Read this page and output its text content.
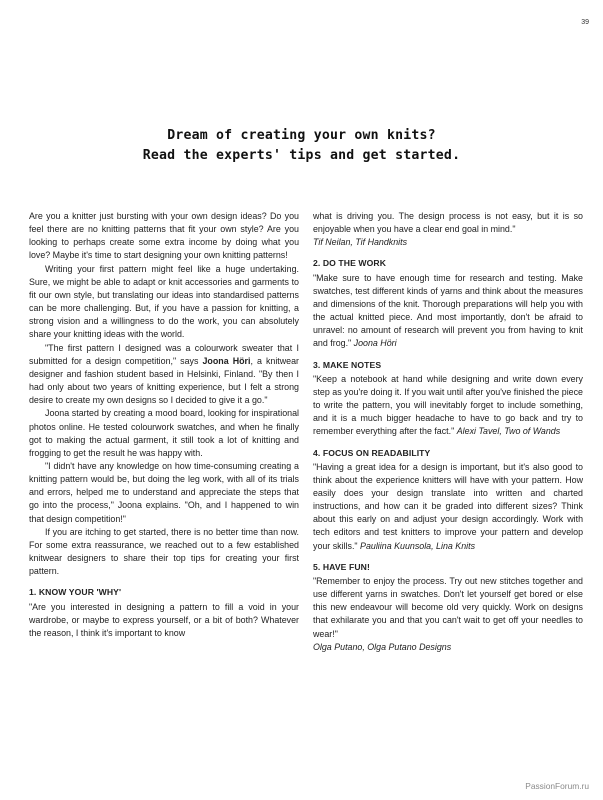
39
Dream of creating your own knits?
Read the experts' tips and get started.

Are you a knitter just bursting with your own design ideas? Do you feel there are no knitting patterns that fit your own style? Are you looking to perhaps create some extra income by doing what you love? Maybe it's time to start designing your own knitting patterns!

Writing your first pattern might feel like a huge undertaking. Sure, we might be able to adapt or knit accessories and garments to fit our own style, but translating our ideas into standardised patterns can be more challenging. But, if you have a passion for knitting, a strong vision and a willingness to do the work, you can absolutely share your knitting ideas with the world.

"The first pattern I designed was a colourwork sweater that I submitted for a design competition," says Joona Höri, a knitwear designer and fashion student based in Helsinki, Finland. "By then I had only about two years of knitting experience, but I felt a strong desire to create my own designs so I decided to give it a go."

Joona started by creating a mood board, looking for inspirational photos online. He tested colourwork swatches, and when he finally got to making the actual garment, it still took a lot of knitting and frogging to get the result he was happy with.

"I didn't have any knowledge on how time-consuming creating a knitting pattern would be, but doing the leg work, with all of its trials and errors, helped me to understand and appreciate the steps that go into the process," Joona explains. "Oh, and I happened to win that design competition!"

If you are itching to get started, there is no better time than now. For some extra reassurance, we reached out to a few established knitwear designers to share their top tips for creating your first pattern.

1. KNOW YOUR 'WHY'

"Are you interested in designing a pattern to fill a void in your wardrobe, or maybe to express yourself, or a bit of both? Whatever the reason, I think it's important to know

what is driving you. The design process is not easy, but it is so enjoyable when you have a clear end goal in mind."

Tif Neilan, Tif Handknits

2. DO THE WORK

"Make sure to have enough time for research and testing. Make swatches, test different kinds of yarns and think about the measures and dimensions of the knit. Thorough preparations will help you with the actual knitted piece. And most importantly, don't be afraid to unravel: no amount of research will prevent you from having to knit and frog." Joona Höri

3. MAKE NOTES

"Keep a notebook at hand while designing and write down every step as you're doing it. If you wait until after you've finished the piece to write the pattern, you will inevitably forget to include something, and it is a much bigger headache to have to go back and try to remember everything after the fact." Alexi Tavel, Two of Wands

4. FOCUS ON READABILITY

"Having a great idea for a design is important, but it's also good to think about the experience knitters will have with your pattern. How easily does your design translate into written and charted instructions, and how can it be graded into different sizes? Think about this early on and adjust your design accordingly. Work with tech editors and test knitters to improve your pattern and develop your skills." Pauliina Kuunsola, Lina Knits

5. HAVE FUN!

"Remember to enjoy the process. Try out new stitches together and use different yarns in swatches. Don't let yourself get bored or else this new endeavour will become old very quickly. Work on designs that exhilarate you and that you can't wait to get off your needles to wear!"

Olga Putano, Olga Putano Designs

PassionForum.ru
